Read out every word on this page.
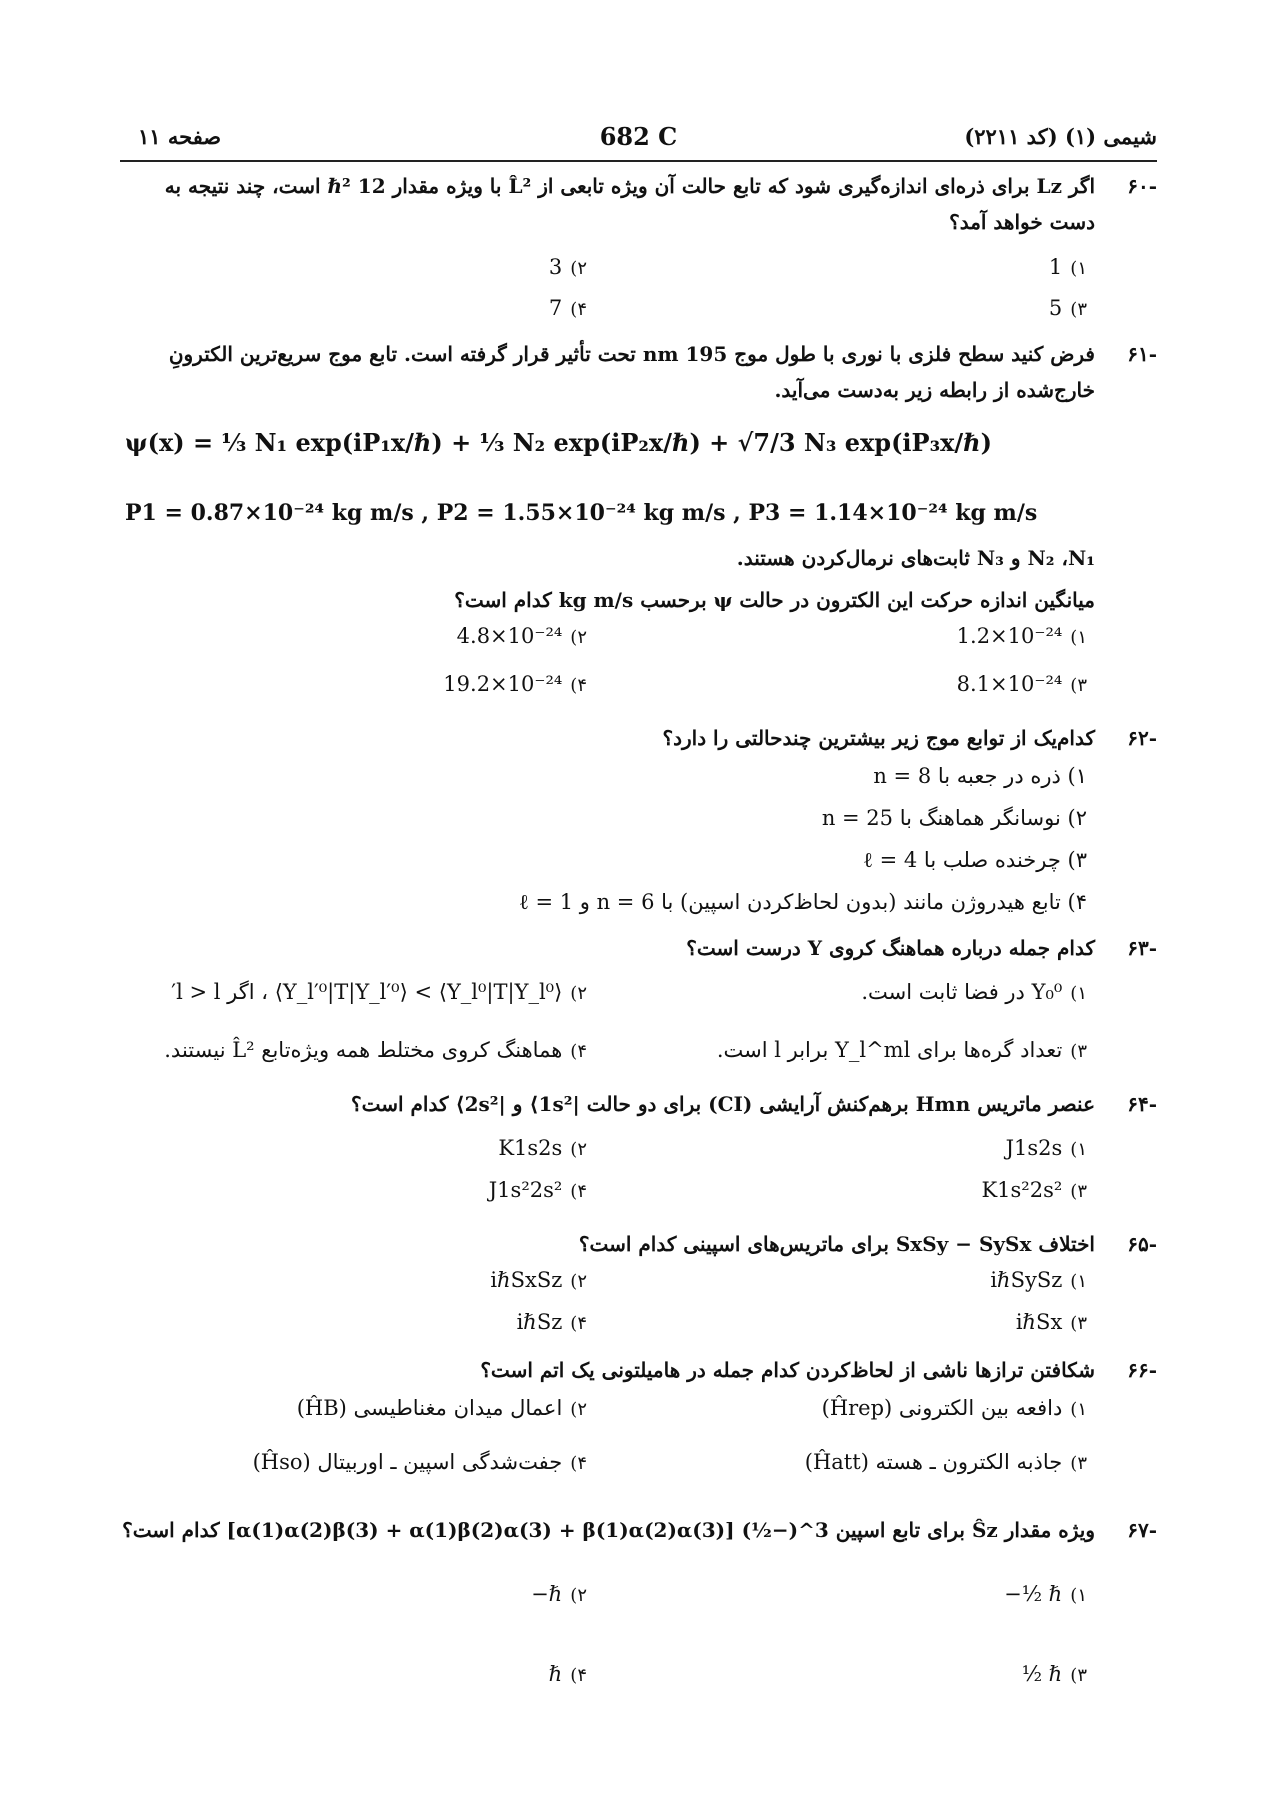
شیمی (۱) (کد ۲۲۱۱)
682 C
صفحه ۱۱
-۶۰
اگر Lz برای ذره‌ای اندازه‌گیری شود که تابع حالت آن ویژه تابعی از L̂² با ویژه مقدار 12 ℏ² است، چند نتیجه به دست خواهد آمد؟
۱)1
۲)3
۳)5
۴)7
-۶۱
فرض کنید سطح فلزی با نوری با طول موج 195 nm تحت تأثیر قرار گرفته است. تابع موج سریع‌ترین الکترونِ خارج‌شده از رابطه زیر به‌دست می‌آید.
ψ(x) = ⅓ N₁ exp(iP₁x/ℏ) + ⅓ N₂ exp(iP₂x/ℏ) + √7/3 N₃ exp(iP₃x/ℏ)
P1 = 0.87×10⁻²⁴ kg m/s , P2 = 1.55×10⁻²⁴ kg m/s , P3 = 1.14×10⁻²⁴ kg m/s
N₂ ،N₁ و N₃ ثابت‌های نرمال‌کردن هستند.
میانگین اندازه حرکت این الکترون در حالت ψ برحسب kg m/s کدام است؟
۱)1.2×10⁻²⁴
۲)4.8×10⁻²⁴
۳)8.1×10⁻²⁴
۴)19.2×10⁻²⁴
-۶۲
کدام‌یک از توابع موج زیر بیشترین چندحالتی را دارد؟
۱) ذره در جعبه با n = 8
۲) نوسانگر هماهنگ با n = 25
۳) چرخنده صلب با ℓ = 4
۴) تابع هیدروژن مانند (بدون لحاظ‌کردن اسپین) با n = 6 و ℓ = 1
-۶۳
کدام جمله درباره هماهنگ کروی Y درست است؟
۱)Y₀⁰ در فضا ثابت است.
۲)⟨Y_l⁰|T|Y_l⁰⟩ > ⟨Y_l′⁰|T|Y_l′⁰⟩ ، اگر l > l′
۳)تعداد گره‌ها برای Y_l^ml برابر l است.
۴)هماهنگ کروی مختلط همه ویژه‌تابع L̂² نیستند.
-۶۴
عنصر ماتریس Hmn برهم‌کنش آرایشی (CI) برای دو حالت |1s²⟩ و |2s²⟩ کدام است؟
۱)J1s2s
۲)K1s2s
۳)K1s²2s²
۴)J1s²2s²
-۶۵
اختلاف SxSy − SySx برای ماتریس‌های اسپینی کدام است؟
۱)iℏSySz
۲)iℏSxSz
۳)iℏSx
۴)iℏSz
-۶۶
شکافتن ترازها ناشی از لحاظ‌کردن کدام جمله در هامیلتونی یک اتم است؟
۱)دافعه بین الکترونی (Ĥrep)
۲)اعمال میدان مغناطیسی (ĤB)
۳)جاذبه الکترون ـ هسته (Ĥatt)
۴)جفت‌شدگی اسپین ـ اوربیتال (Ĥso)
-۶۷
ویژه مقدار Ŝz برای تابع اسپین 3^(−½) [α(1)α(2)β(3) + α(1)β(2)α(3) + β(1)α(2)α(3)] کدام است؟
۱)−½ ℏ
۲)−ℏ
۳)½ ℏ
۴)ℏ
